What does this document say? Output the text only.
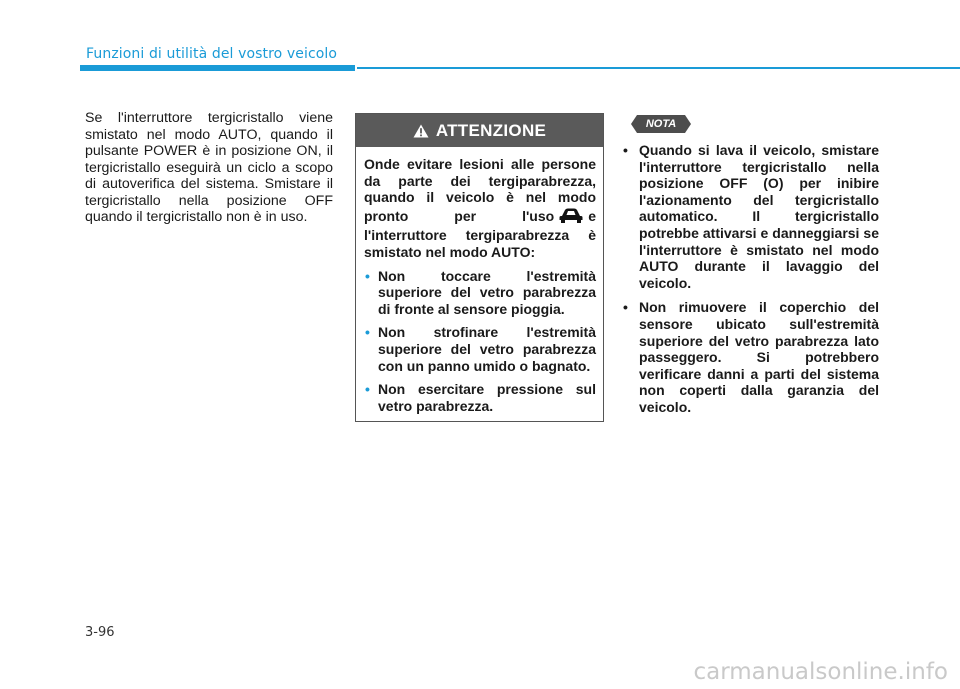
Funzioni di utilità del vostro veicolo
Se l'interruttore tergicristallo viene smistato nel modo AUTO, quando il pulsante POWER è in posizione ON, il tergicristallo eseguirà un ciclo a scopo di autoverifica del sistema. Smistare il tergicristallo nella posizione OFF quando il tergicristallo non è in uso.
ATTENZIONE

Onde evitare lesioni alle persone da parte dei tergiparabrezza, quando il veicolo è nel modo pronto per l'uso e l'interruttore tergiparabrezza è smistato nel modo AUTO:

• Non toccare l'estremità superiore del vetro parabrezza di fronte al sensore pioggia.
• Non strofinare l'estremità superiore del vetro parabrezza con un panno umido o bagnato.
• Non esercitare pressione sul vetro parabrezza.
NOTA
• Quando si lava il veicolo, smistare l'interruttore tergicristallo nella posizione OFF (O) per inibire l'azionamento del tergicristallo automatico. Il tergicristallo potrebbe attivarsi e danneggiarsi se l'interruttore è smistato nel modo AUTO durante il lavaggio del veicolo.
• Non rimuovere il coperchio del sensore ubicato sull'estremità superiore del vetro parabrezza lato passeggero. Si potrebbero verificare danni a parti del sistema non coperti dalla garanzia del veicolo.
3-96
carmanualsonline.info
